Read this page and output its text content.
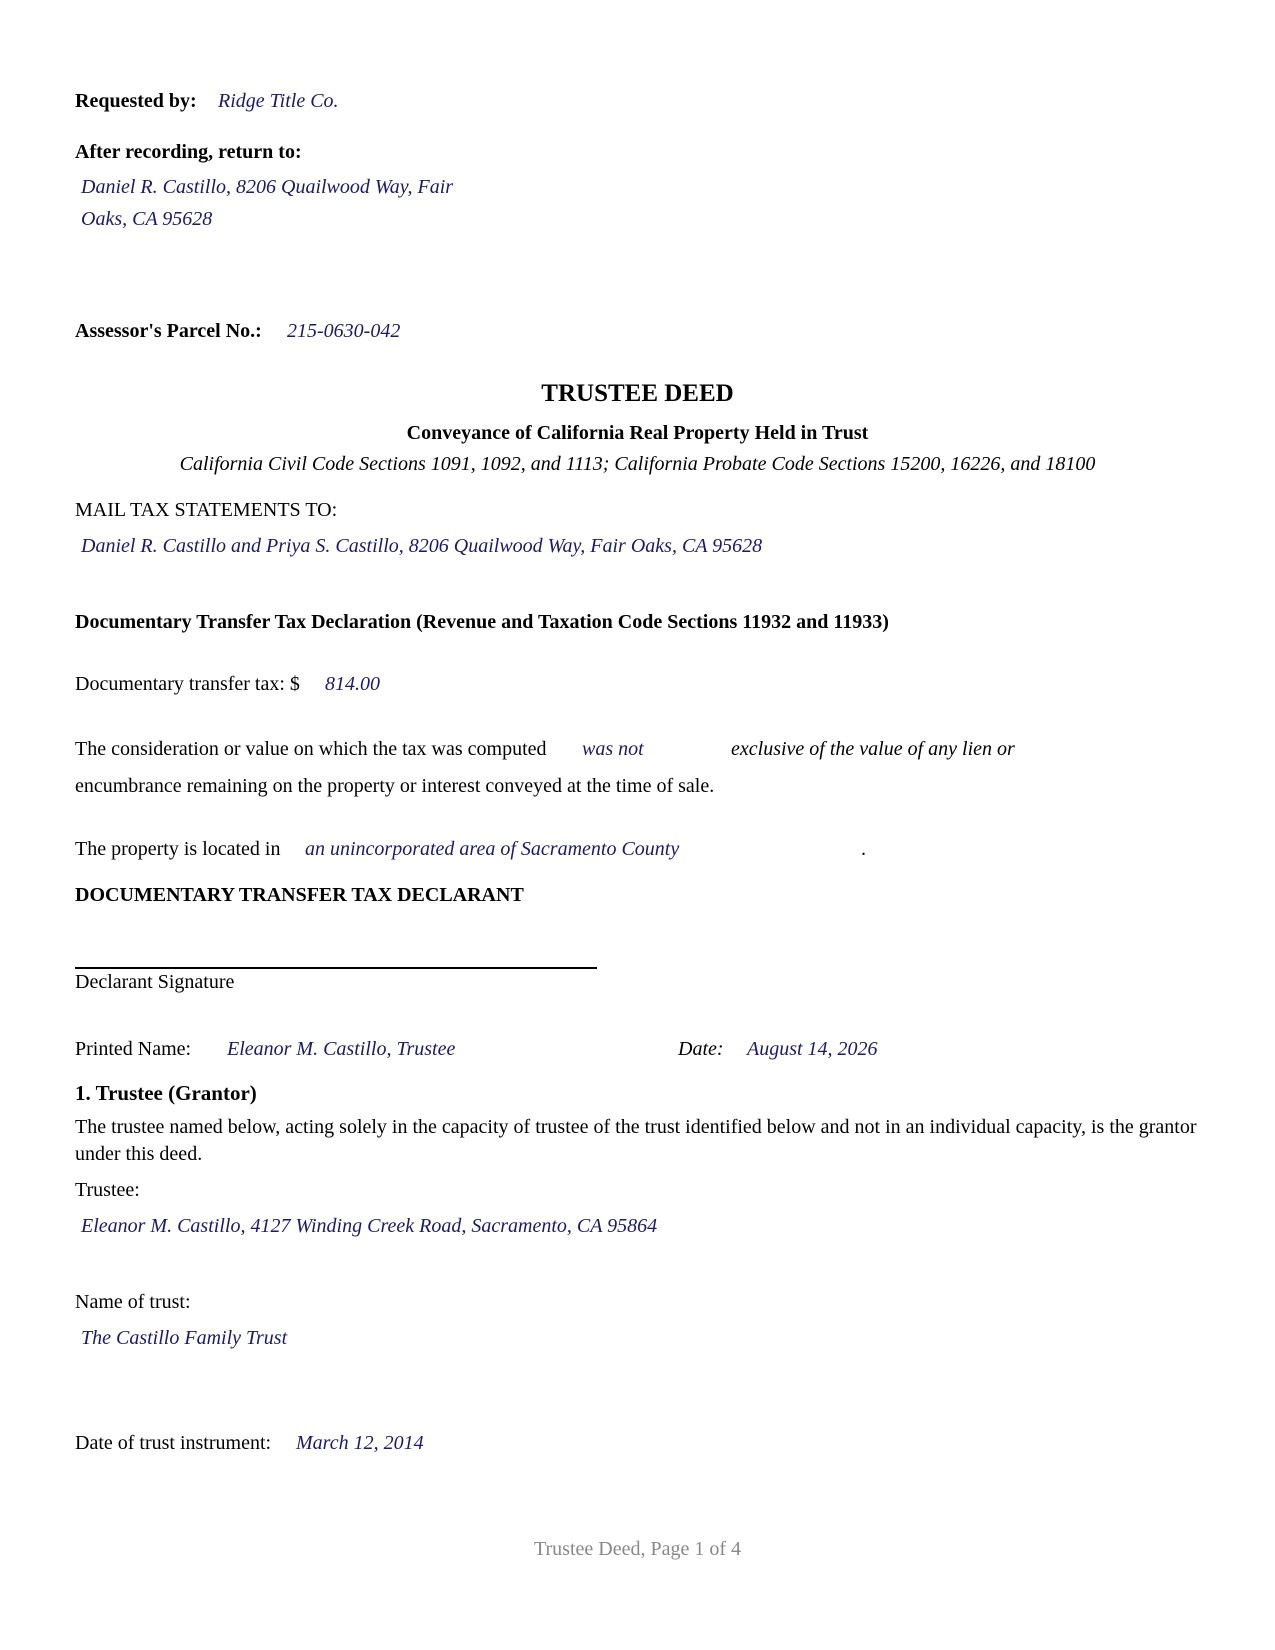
Requested by: Ridge Title Co.
After recording, return to:
Daniel R. Castillo, 8206 Quailwood Way, Fair
Oaks, CA 95628
Assessor's Parcel No.: 215-0630-042
TRUSTEE DEED
Conveyance of California Real Property Held in Trust
California Civil Code Sections 1091, 1092, and 1113; California Probate Code Sections 15200, 16226, and 18100
MAIL TAX STATEMENTS TO:
Daniel R. Castillo and Priya S. Castillo, 8206 Quailwood Way, Fair Oaks, CA 95628
Documentary Transfer Tax Declaration (Revenue and Taxation Code Sections 11932 and 11933)
Documentary transfer tax: $ 814.00
The consideration or value on which the tax was computed was not	exclusive of the value of any lien or
encumbrance remaining on the property or interest conveyed at the time of sale.
The property is located in an unincorporated area of Sacramento County	.
DOCUMENTARY TRANSFER TAX DECLARANT
Declarant Signature
Printed Name: Eleanor M. Castillo, Trustee	Date: August 14, 2026
1. Trustee (Grantor)
The trustee named below, acting solely in the capacity of trustee of the trust identified below and not in an individual capacity, is the grantor under this deed.
Trustee:
Eleanor M. Castillo, 4127 Winding Creek Road, Sacramento, CA 95864
Name of trust:
The Castillo Family Trust
Date of trust instrument: March 12, 2014
Trustee Deed, Page 1 of 4
